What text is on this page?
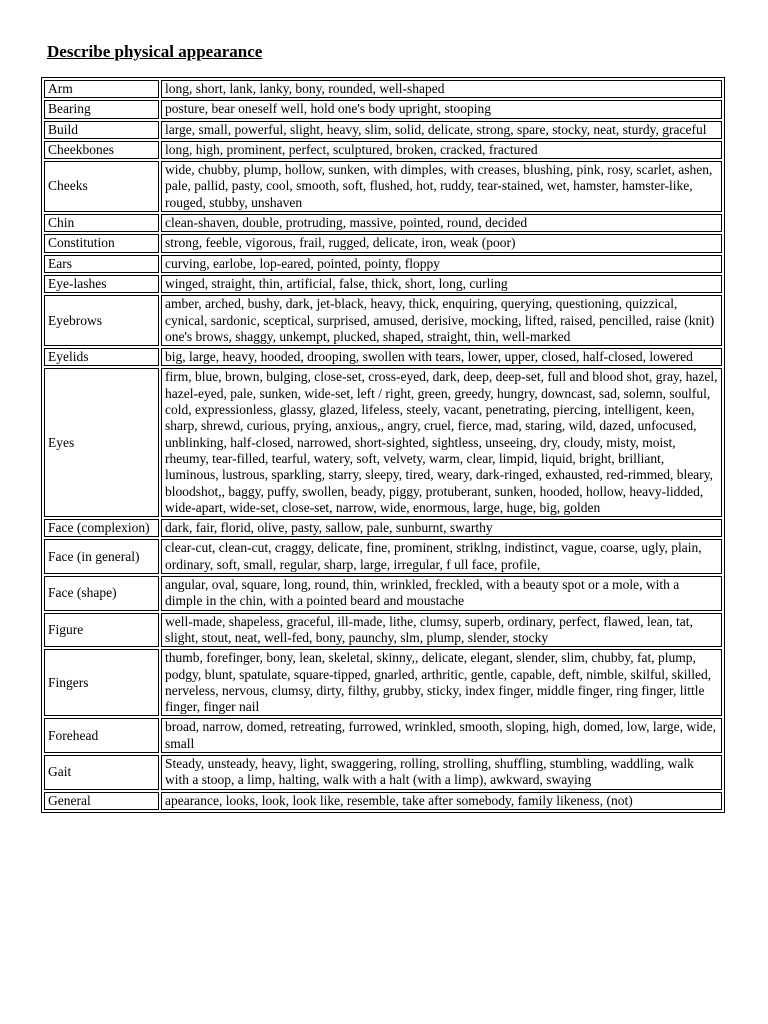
Describe physical appearance
Arm	long, short, lank, lanky, bony, rounded, well-shaped
Bearing	posture, bear oneself well, hold one's body upright, stooping
Build	large, small, powerful, slight, heavy, slim, solid, delicate, strong, spare, stocky, neat, sturdy, graceful
Cheekbones	long, high, prominent, perfect, sculptured, broken, cracked, fractured
Cheeks	wide, chubby, plump, hollow, sunken, with dimples, with creases, blushing, pink, rosy, scarlet, ashen, pale, pallid, pasty, cool, smooth, soft, flushed, hot, ruddy, tear-stained, wet, hamster, hamster-like, rouged, stubby, unshaven
Chin	clean-shaven, double, protruding, massive, pointed, round, decided
Constitution	strong, feeble, vigorous, frail, rugged, delicate, iron, weak (poor)
Ears	curving, earlobe, lop-eared, pointed, pointy, floppy
Eye-lashes	winged, straight, thin, artificial, false, thick, short, long, curling
Eyebrows	amber, arched, bushy, dark, jet-black, heavy, thick, enquiring, querying, questioning, quizzical, cynical, sardonic, sceptical, surprised, amused, derisive, mocking, lifted, raised, pencilled, raise (knit) one's brows, shaggy, unkempt, plucked, shaped, straight, thin, well-marked
Eyelids	big, large, heavy, hooded, drooping, swollen with tears, lower, upper, closed, half-closed, lowered
Eyes	firm, blue, brown, bulging, close-set, cross-eyed, dark, deep, deep-set, full and blood shot, gray, hazel, hazel-eyed, pale, sunken, wide-set, left / right, green, greedy, hungry, downcast, sad, solemn, soulful, cold, expressionless, glassy, glazed, lifeless, steely, vacant, penetrating, piercing, intelligent, keen, sharp, shrewd, curious, prying, anxious,, angry, cruel, fierce, mad, staring, wild, dazed, unfocused, unblinking, half-closed, narrowed, short-sighted, sightless, unseeing, dry, cloudy, misty, moist, rheumy, tear-filled, tearful, watery, soft, velvety, warm, clear, limpid, liquid, bright, brilliant, luminous, lustrous, sparkling, starry, sleepy, tired, weary, dark-ringed, exhausted, red-rimmed, bleary, bloodshot,, baggy, puffy, swollen, beady, piggy, protuberant, sunken, hooded, hollow, heavy-lidded, wide-apart, wide-set, close-set, narrow, wide, enormous, large, huge, big, golden
Face (complexion)	dark, fair, florid, olive, pasty, sallow, pale, sunburnt, swarthy
Face (in general)	clear-cut, clean-cut, craggy, delicate, fine, prominent, striklng, indistinct, vague, coarse, ugly, plain, ordinary, soft, small, regular, sharp, large, irregular, f ull face, profile,
Face (shape)	angular, oval, square, long, round, thin, wrinkled, freckled, with a beauty spot or a mole, with a dimple in the chin, with a pointed beard and moustache
Figure	well-made, shapeless, graceful, ill-made, lithe, clumsy, superb, ordinary, perfect, flawed, lean, tat, slight, stout, neat, well-fed, bony, paunchy, slm, plump, slender, stocky
Fingers	thumb, forefinger, bony, lean, skeletal, skinny,, delicate, elegant, slender, slim, chubby, fat, plump, podgy, blunt, spatulate, square-tipped, gnarled, arthritic, gentle, capable, deft, nimble, skilful, skilled, nerveless, nervous, clumsy, dirty, filthy, grubby, sticky, index finger, middle finger, ring finger, little finger, finger nail
Forehead	broad, narrow, domed, retreating, furrowed, wrinkled, smooth, sloping, high, domed, low, large, wide, small
Gait	Steady, unsteady, heavy, light, swaggering, rolling, strolling, shuffling, stumbling, waddling, walk with a stoop, a limp, halting, walk with a halt (with a limp), awkward, swaying
General	apearance, looks, look, look like, resemble, take after somebody, family likeness, (not)
